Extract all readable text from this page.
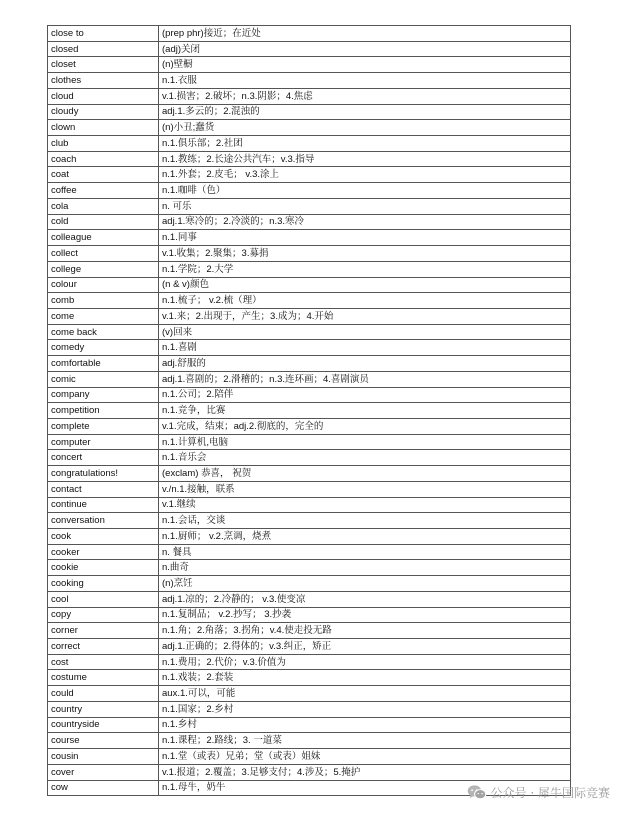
close to	(prep phr)接近；在近处
closed	(adj)关闭
closet	(n)壁橱
clothes	n.1.衣服
cloud	v.1.损害；2.破坏；n.3.阴影；4.焦虑
cloudy	adj.1.多云的；2.混浊的
clown	(n)小丑;蠢货
club	n.1.俱乐部；2.社团
coach	n.1.教练；2.长途公共汽车；v.3.指导
coat	n.1.外套；2.皮毛； v.3.涂上
coffee	n.1.咖啡（色）
cola	n. 可乐
cold	adj.1.寒冷的；2.冷淡的；n.3.寒冷
colleague	n.1.同事
collect	v.1.收集；2.聚集；3.募捐
college	n.1.学院；2.大学
colour	(n & v)颜色
comb	n.1.梳子； v.2.梳（理）
come	v.1.来；2.出现于，产生；3.成为；4.开始
come back	(v)回来
comedy	n.1.喜剧
comfortable	adj.舒服的
comic	adj.1.喜剧的；2.滑稽的；n.3.连环画；4.喜剧演员
company	n.1.公司；2.陪伴
competition	n.1.竞争，比赛
complete	v.1.完成，结束；adj.2.彻底的，完全的
computer	n.1.计算机,电脑
concert	n.1.音乐会
congratulations!	(exclam) 恭喜， 祝贺
contact	v./n.1.接触，联系
continue	v.1.继续
conversation	n.1.会话，交谈
cook	n.1.厨师； v.2.烹调，烧煮
cooker	n. 餐具
cookie	n.曲奇
cooking	(n)烹饪
cool	adj.1.凉的；2.冷静的； v.3.使变凉
copy	n.1.复制品； v.2.抄写； 3.抄袭
corner	n.1.角；2.角落；3.拐角；v.4.使走投无路
correct	adj.1.正确的；2.得体的；v.3.纠正，矫正
cost	n.1.费用；2.代价；v.3.价值为
costume	n.1.戏装；2.套装
could	aux.1.可以，可能
country	n.1.国家；2.乡村
countryside	n.1.乡村
course	n.1.课程；2.路线；3. 一道菜
cousin	n.1.堂（或表）兄弟；堂（或表）姐妹
cover	v.1.报道；2.覆盖；3.足够支付；4.涉及；5.掩护
cow	n.1.母牛，奶牛	公众号 · 犀牛国际竞赛
